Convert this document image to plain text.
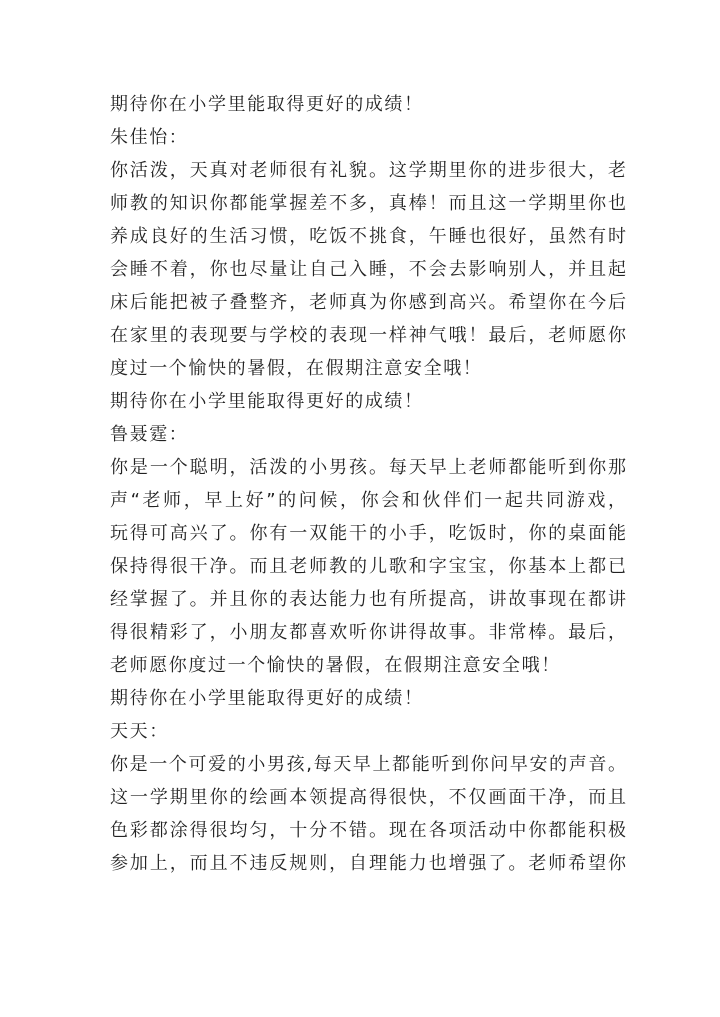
期待你在小学里能取得更好的成绩！
朱佳怡：
你活泼，天真对老师很有礼貌。这学期里你的进步很大，老
师教的知识你都能掌握差不多，真棒！而且这一学期里你也
养成良好的生活习惯，吃饭不挑食，午睡也很好，虽然有时
会睡不着，你也尽量让自己入睡，不会去影响别人，并且起
床后能把被子叠整齐，老师真为你感到高兴。希望你在今后
在家里的表现要与学校的表现一样神气哦！最后，老师愿你
度过一个愉快的暑假，在假期注意安全哦！
期待你在小学里能取得更好的成绩！
鲁聂霆：
你是一个聪明，活泼的小男孩。每天早上老师都能听到你那
声“老师，早上好”的问候，你会和伙伴们一起共同游戏，
玩得可高兴了。你有一双能干的小手，吃饭时，你的桌面能
保持得很干净。而且老师教的儿歌和字宝宝，你基本上都已
经掌握了。并且你的表达能力也有所提高，讲故事现在都讲
得很精彩了，小朋友都喜欢听你讲得故事。非常棒。最后，
老师愿你度过一个愉快的暑假，在假期注意安全哦！
期待你在小学里能取得更好的成绩！
天天：
你是一个可爱的小男孩,每天早上都能听到你问早安的声音。
这一学期里你的绘画本领提高得很快，不仅画面干净，而且
色彩都涂得很均匀，十分不错。现在各项活动中你都能积极
参加上，而且不违反规则，自理能力也增强了。老师希望你
